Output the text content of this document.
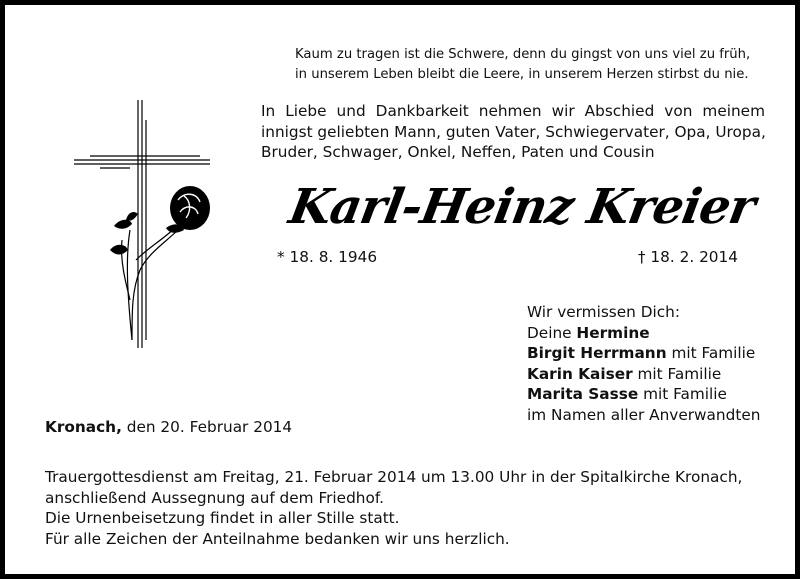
Kaum zu tragen ist die Schwere, denn du gingst von uns viel zu früh,
in unserem Leben bleibt die Leere, in unserem Herzen stirbst du nie.
In Liebe und Dankbarkeit nehmen wir Abschied von meinem
innigst geliebten Mann, guten Vater, Schwiegervater, Opa, Uropa,
Bruder, Schwager, Onkel, Neffen, Paten und Cousin
Karl-Heinz Kreier
* 18. 8. 1946	† 18. 2. 2014
Wir vermissen Dich:
Deine Hermine
Birgit Herrmann mit Familie
Karin Kaiser mit Familie
Marita Sasse mit Familie
im Namen aller Anverwandten
Kronach, den 20. Februar 2014
Trauergottesdienst am Freitag, 21. Februar 2014 um 13.00 Uhr in der Spitalkirche Kronach,
anschließend Aussegnung auf dem Friedhof.
Die Urnenbeisetzung findet in aller Stille statt.
Für alle Zeichen der Anteilnahme bedanken wir uns herzlich.
